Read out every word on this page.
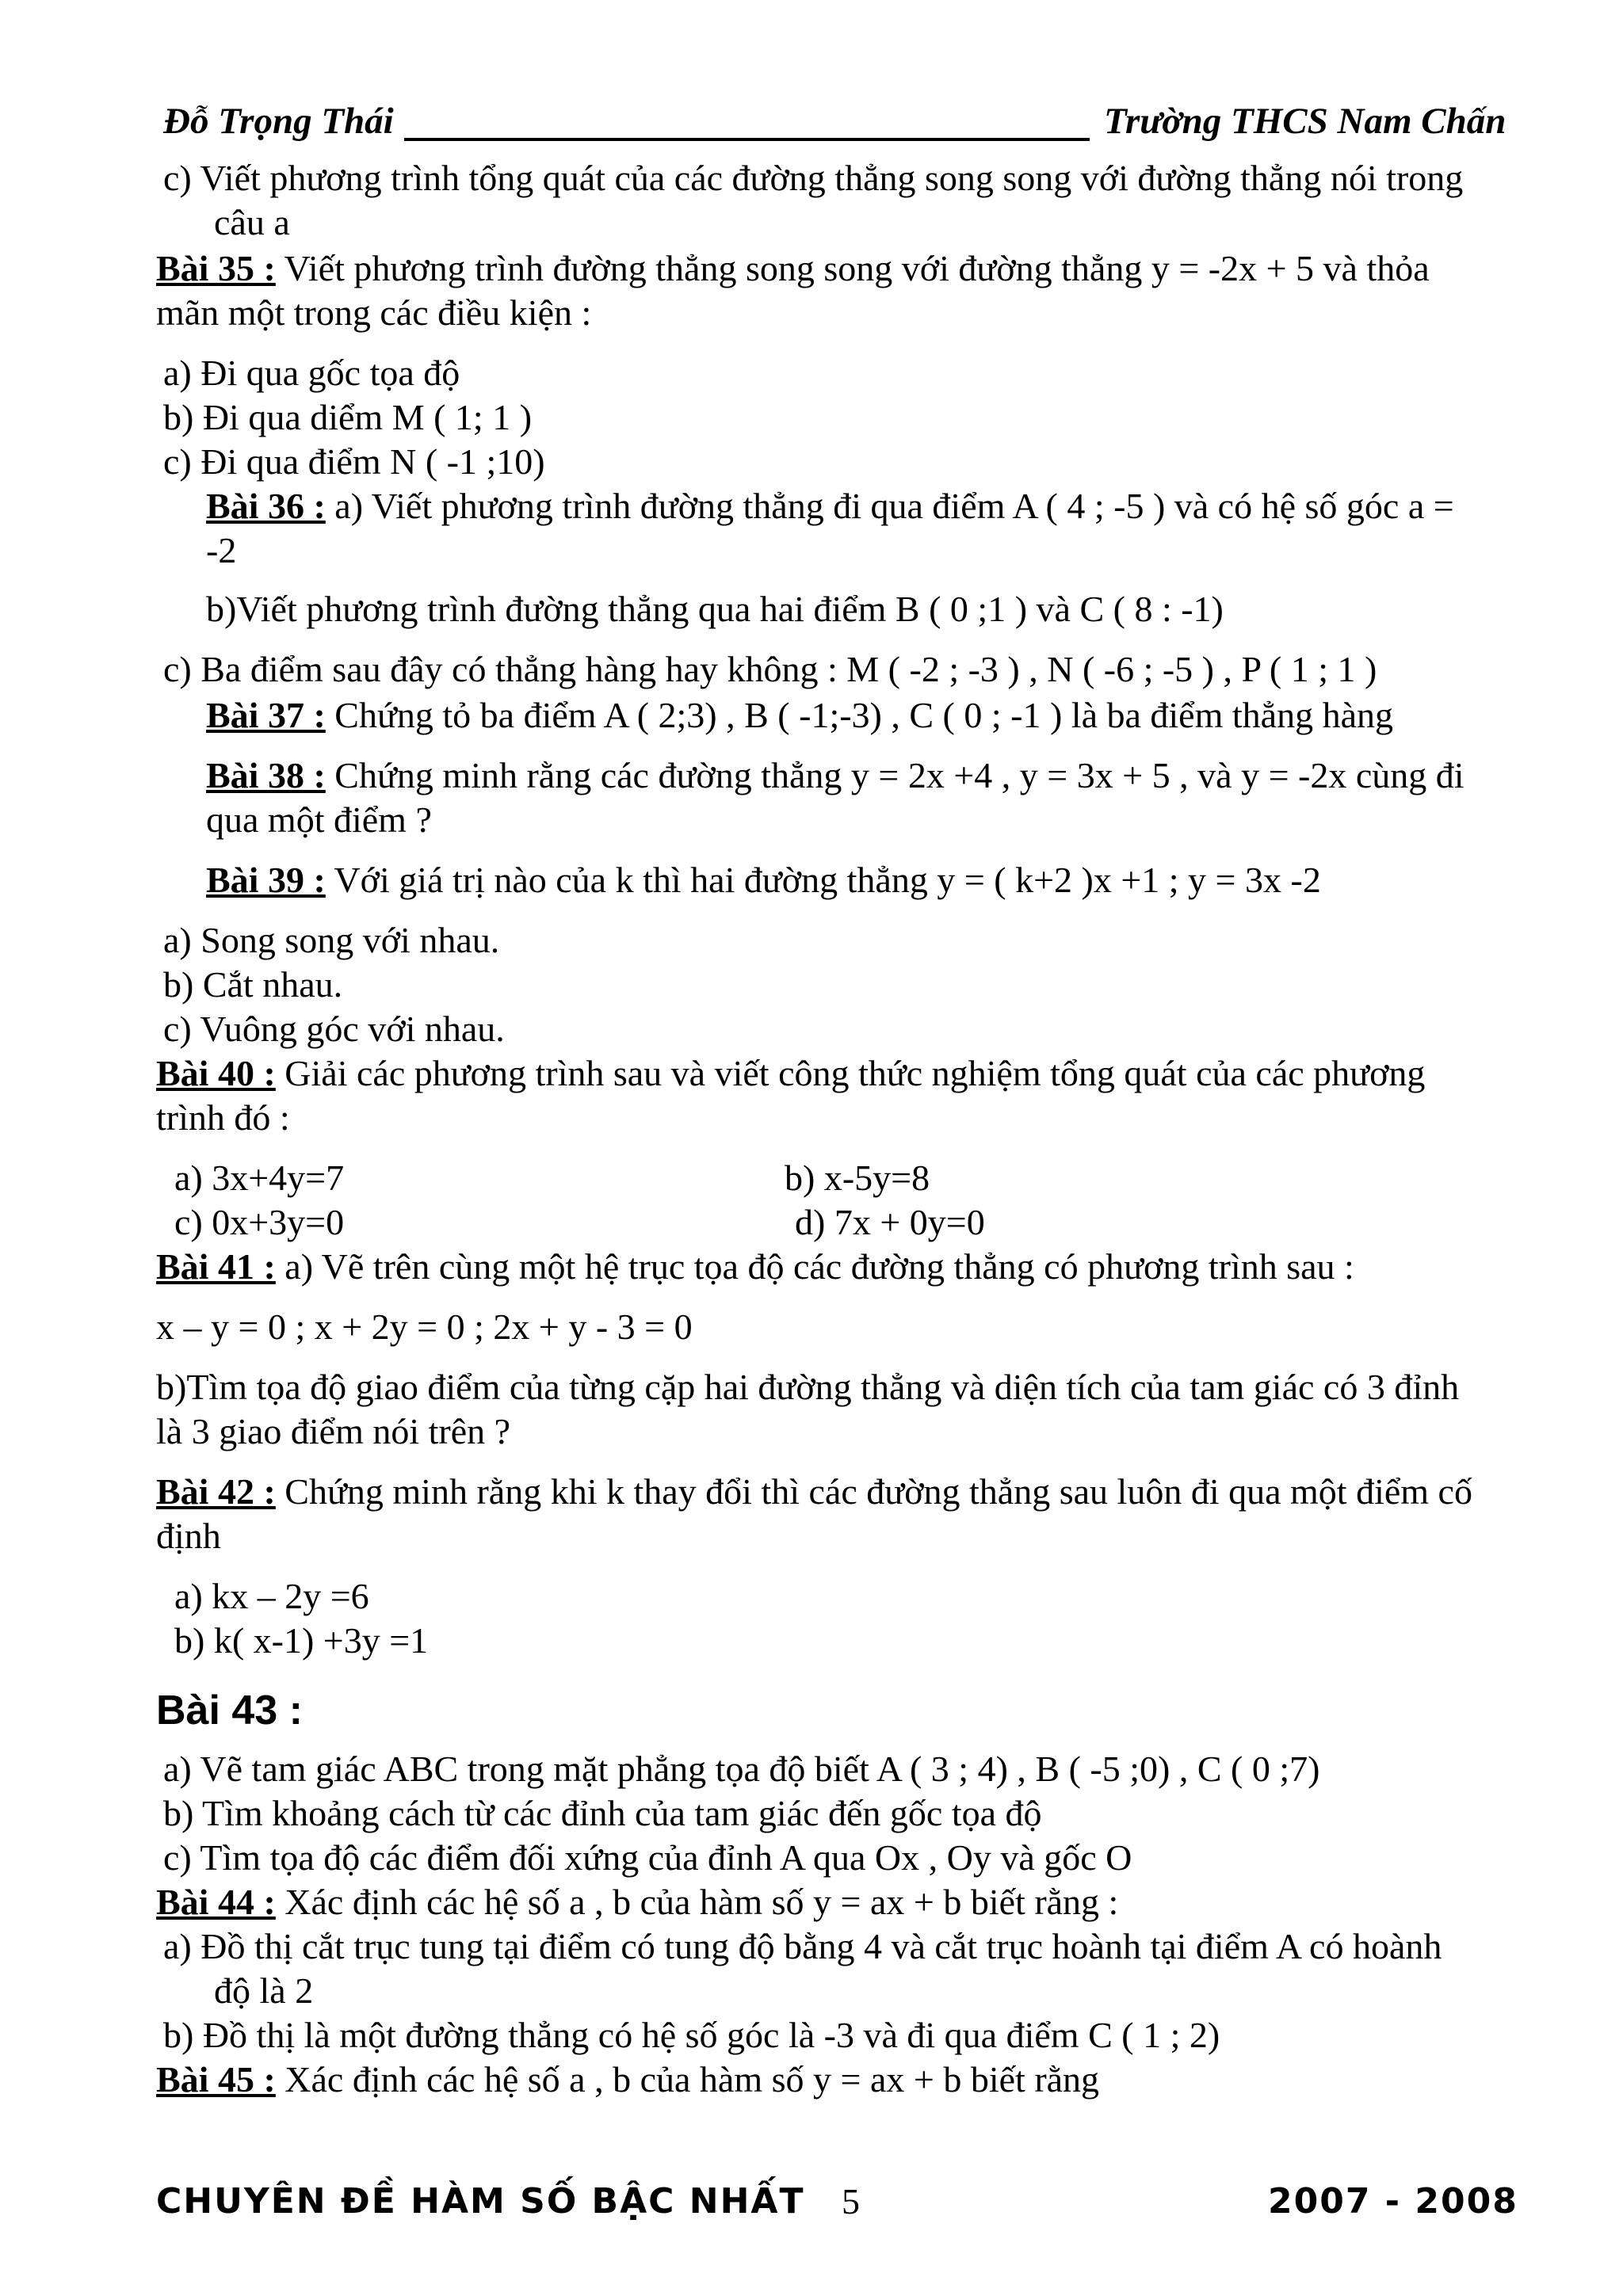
Đỗ Trọng Thái	Trường THCS Nam Chấn
c) Viết phương trình tổng quát của các đường thẳng song song với đường thẳng nói trong
câu a
Bài 35 : Viết phương trình đường thẳng song song với đường thẳng y = -2x + 5 và thỏa
mãn một trong các điều kiện :
a) Đi qua gốc tọa độ
b) Đi qua diểm M ( 1; 1 )
c) Đi qua điểm N ( -1 ;10)
Bài 36 : a) Viết phương trình đường thẳng đi qua điểm A ( 4 ; -5 ) và có hệ số góc a =
-2
b)Viết phương trình đường thẳng qua hai điểm B ( 0 ;1 ) và C ( 8 : -1)
c) Ba điểm sau đây có thẳng hàng hay không : M ( -2 ; -3 ) , N ( -6 ; -5 ) , P ( 1 ; 1 )
Bài 37 : Chứng tỏ ba điểm A ( 2;3) , B ( -1;-3) , C ( 0 ; -1 ) là ba điểm thẳng hàng
Bài 38 : Chứng minh rằng các đường thẳng y = 2x +4 , y = 3x + 5 , và y = -2x cùng đi
qua một điểm ?
Bài 39 : Với giá trị nào của k thì hai đường thẳng y = ( k+2 )x +1 ; y = 3x -2
a) Song song với nhau.
b) Cắt nhau.
c) Vuông góc với nhau.
Bài 40 : Giải các phương trình sau và viết công thức nghiệm tổng quát của các phương
trình đó :
a) 3x+4y=7	b) x-5y=8
c) 0x+3y=0	d) 7x + 0y=0
Bài 41 : a) Vẽ trên cùng một hệ trục tọa độ các đường thẳng có phương trình sau :
x – y = 0 ; x + 2y = 0 ; 2x + y - 3 = 0
b)Tìm tọa độ giao điểm của từng cặp hai đường thẳng và diện tích của tam giác có 3 đỉnh
là 3 giao điểm nói trên ?
Bài 42 : Chứng minh rằng khi k thay đổi thì các đường thẳng sau luôn đi qua một điểm cố
định
a) kx – 2y =6
b) k( x-1) +3y =1
Bài 43 :
a) Vẽ tam giác ABC trong mặt phẳng tọa độ biết A ( 3 ; 4) , B ( -5 ;0) , C ( 0 ;7)
b) Tìm khoảng cách từ các đỉnh của tam giác đến gốc tọa độ
c) Tìm tọa độ các điểm đối xứng của đỉnh A qua Ox , Oy và gốc O
Bài 44 : Xác định các hệ số a , b của hàm số y = ax + b biết rằng :
a) Đồ thị cắt trục tung tại điểm có tung độ bằng 4 và cắt trục hoành tại điểm A có hoành
độ là 2
b) Đồ thị là một đường thẳng có hệ số góc là -3 và đi qua điểm C ( 1 ; 2)
Bài 45 : Xác định các hệ số a , b của hàm số y = ax + b biết rằng
CHUYÊN ĐỀ HÀM SỐ BẬC NHẤT 5	2007 - 2008
